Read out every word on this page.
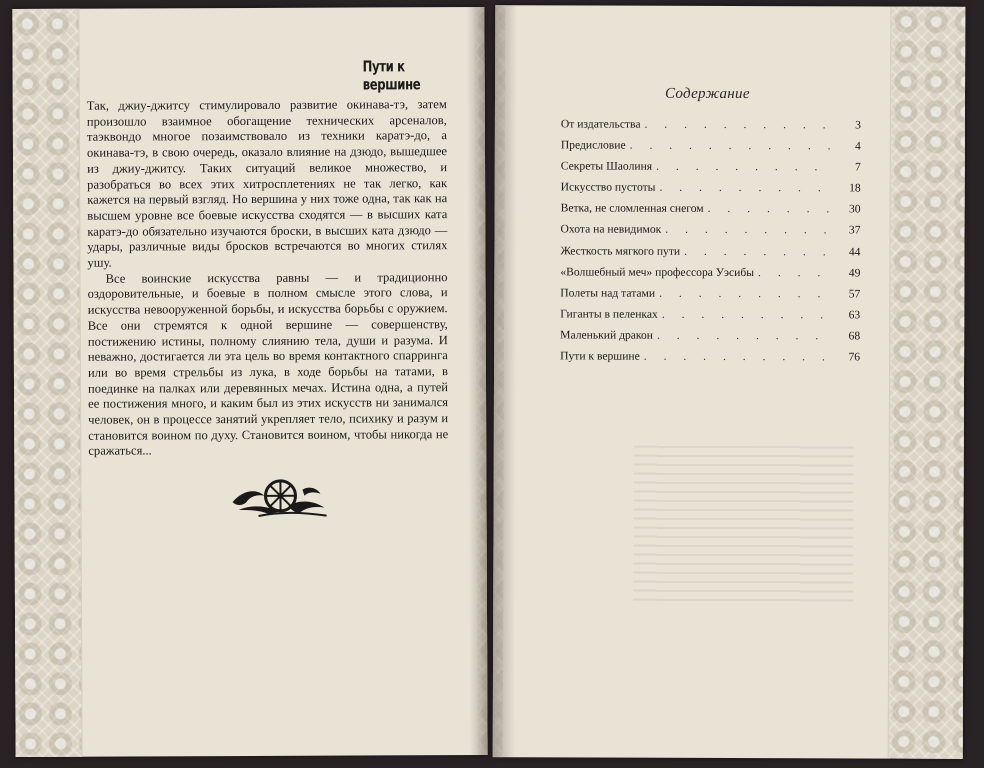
Пути к вершине

Так, джиу-джитсу стимулировало развитие окинава-тэ, затем произошло взаимное обогащение технических арсеналов, таэквондо многое позаимствовало из техники каратэ-до, а окинава-тэ, в свою очередь, оказало влияние на дзюдо, вышедшее из джиу-джитсу. Таких ситуаций великое множество, и разобраться во всех этих хитросплетениях не так легко, как кажется на первый взгляд. Но вершина у них тоже одна, так как на высшем уровне все боевые искусства сходятся — в высших ката каратэ-до обязательно изучаются броски, в высших ката дзюдо — удары, различные виды бросков встречаются во многих стилях ушу.

Все воинские искусства равны — и традиционно оздоровительные, и боевые в полном смысле этого слова, и искусства невооруженной борьбы, и искусства борьбы с оружием. Все они стремятся к одной вершине — совершенству, постижению истины, полному слиянию тела, души и разума. И неважно, достигается ли эта цель во время контактного спарринга или во время стрельбы из лука, в ходе борьбы на татами, в поединке на палках или деревянных мечах. Истина одна, а путей ее постижения много, и каким был из этих искусств ни занимался человек, он в процессе занятий укрепляет тело, психику и разум и становится воином по духу. Становится воином, чтобы никогда не сражаться...

Содержание
От издательства . . .	3
Предисловие . . .	4
Секреты Шаолиня . . .	7
Искусство пустоты . . .	18
Ветка, не сломленная снегом . . .	30
Охота на невидимок . . .	37
Жесткость мягкого пути . . .	44
«Волшебный меч» профессора Уэсибы . . .	49
Полеты над татами . . .	57
Гиганты в пеленках . . .	63
Маленький дракон . . .	68
Пути к вершине . . .	76
